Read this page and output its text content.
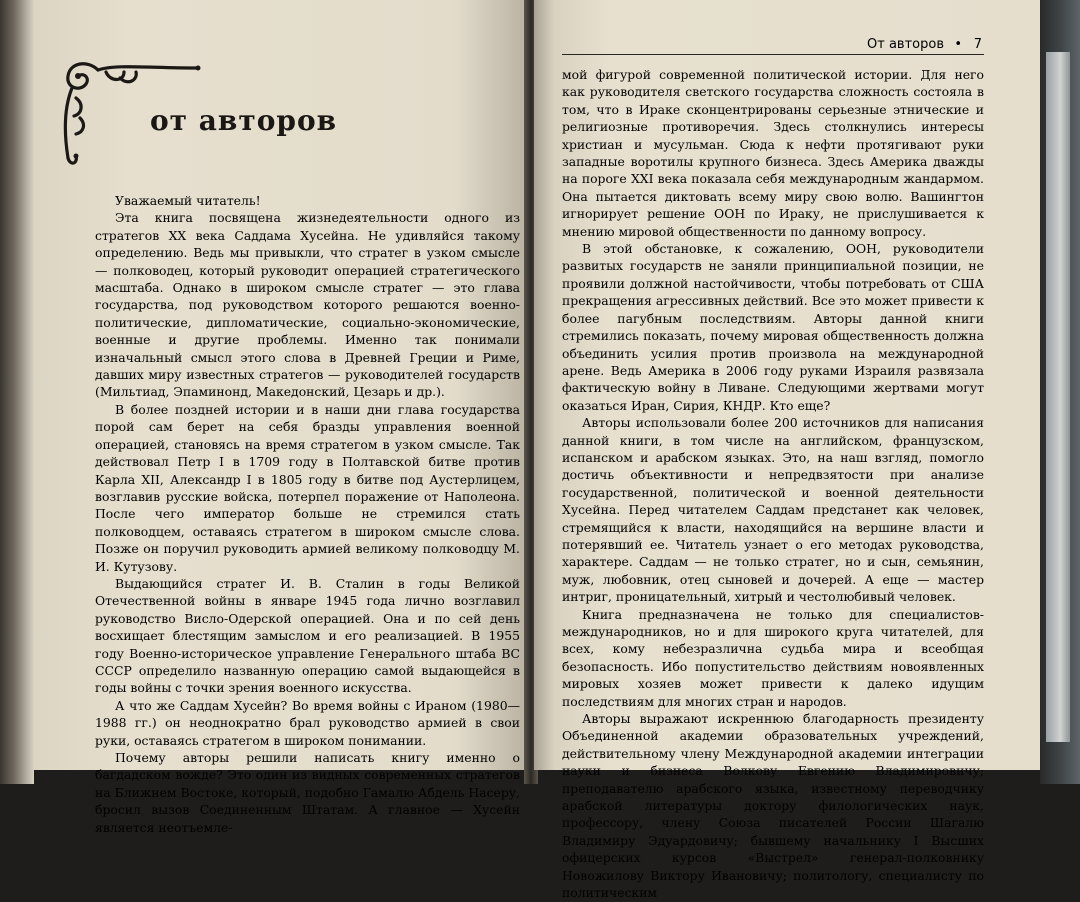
от авторов

Уважаемый читатель!

Эта книга посвящена жизнедеятельности одного из стратегов XX века Саддама Хусейна. Не удивляйся такому определению. Ведь мы привыкли, что стратег в узком смысле — полководец, который руководит операцией стратегического масштаба. Однако в широком смысле стратег — это глава государства, под руководством которого решаются военно-политические, дипломатические, социально-экономические, военные и другие проблемы. Именно так понимали изначальный смысл этого слова в Древней Греции и Риме, давших миру известных стратегов — руководителей государств (Мильтиад, Эпаминонд, Македонский, Цезарь и др.).

В более поздней истории и в наши дни глава государства порой сам берет на себя бразды управления военной операцией, становясь на время стратегом в узком смысле. Так действовал Петр I в 1709 году в Полтавской битве против Карла XII, Александр I в 1805 году в битве под Аустерлицем, возглавив русские войска, потерпел поражение от Наполеона. После чего император больше не стремился стать полководцем, оставаясь стратегом в широком смысле слова. Позже он поручил руководить армией великому полководцу М. И. Кутузову.

Выдающийся стратег И. В. Сталин в годы Великой Отечественной войны в январе 1945 года лично возглавил руководство Висло-Одерской операцией. Она и по сей день восхищает блестящим замыслом и его реализацией. В 1955 году Военно-историческое управление Генерального штаба ВС СССР определило названную операцию самой выдающейся в годы войны с точки зрения военного искусства.

А что же Саддам Хусейн? Во время войны с Ираном (1980—1988 гг.) он неоднократно брал руководство армией в свои руки, оставаясь стратегом в широком понимании.

Почему авторы решили написать книгу именно о багдадском вожде? Это один из видных современных стратегов на Ближнем Востоке, который, подобно Гамалю Абдель Насеру, бросил вызов Соединенным Штатам. А главное — Хусейн является неотъемле-

От авторов • 7

мой фигурой современной политической истории. Для него как руководителя светского государства сложность состояла в том, что в Ираке сконцентрированы серьезные этнические и религиозные противоречия. Здесь столкнулись интересы христиан и мусульман. Сюда к нефти протягивают руки западные воротилы крупного бизнеса. Здесь Америка дважды на пороге XXI века показала себя международным жандармом. Она пытается диктовать всему миру свою волю. Вашингтон игнорирует решение ООН по Ираку, не прислушивается к мнению мировой общественности по данному вопросу.

В этой обстановке, к сожалению, ООН, руководители развитых государств не заняли принципиальной позиции, не проявили должной настойчивости, чтобы потребовать от США прекращения агрессивных действий. Все это может привести к более пагубным последствиям. Авторы данной книги стремились показать, почему мировая общественность должна объединить усилия против произвола на международной арене. Ведь Америка в 2006 году руками Израиля развязала фактическую войну в Ливане. Следующими жертвами могут оказаться Иран, Сирия, КНДР. Кто еще?

Авторы использовали более 200 источников для написания данной книги, в том числе на английском, французском, испанском и арабском языках. Это, на наш взгляд, помогло достичь объективности и непредвзятости при анализе государственной, политической и военной деятельности Хусейна. Перед читателем Саддам предстанет как человек, стремящийся к власти, находящийся на вершине власти и потерявший ее. Читатель узнает о его методах руководства, характере. Саддам — не только стратег, но и сын, семьянин, муж, любовник, отец сыновей и дочерей. А еще — мастер интриг, проницательный, хитрый и честолюбивый человек.

Книга предназначена не только для специалистов-международников, но и для широкого круга читателей, для всех, кому небезразлична судьба мира и всеобщая безопасность. Ибо попустительство действиям новоявленных мировых хозяев может привести к далеко идущим последствиям для многих стран и народов.

Авторы выражают искреннюю благодарность президенту Объединенной академии образовательных учреждений, действительному члену Международной академии интеграции науки и бизнеса Волкову Евгению Владимировичу; преподавателю арабского языка, известному переводчику арабской литературы доктору филологических наук, профессору, члену Союза писателей России Шагалю Владимиру Эдуардовичу; бывшему начальнику I Высших офицерских курсов «Выстрел» генерал-полковнику Новожилову Виктору Ивановичу; политологу, специалисту по политическим
